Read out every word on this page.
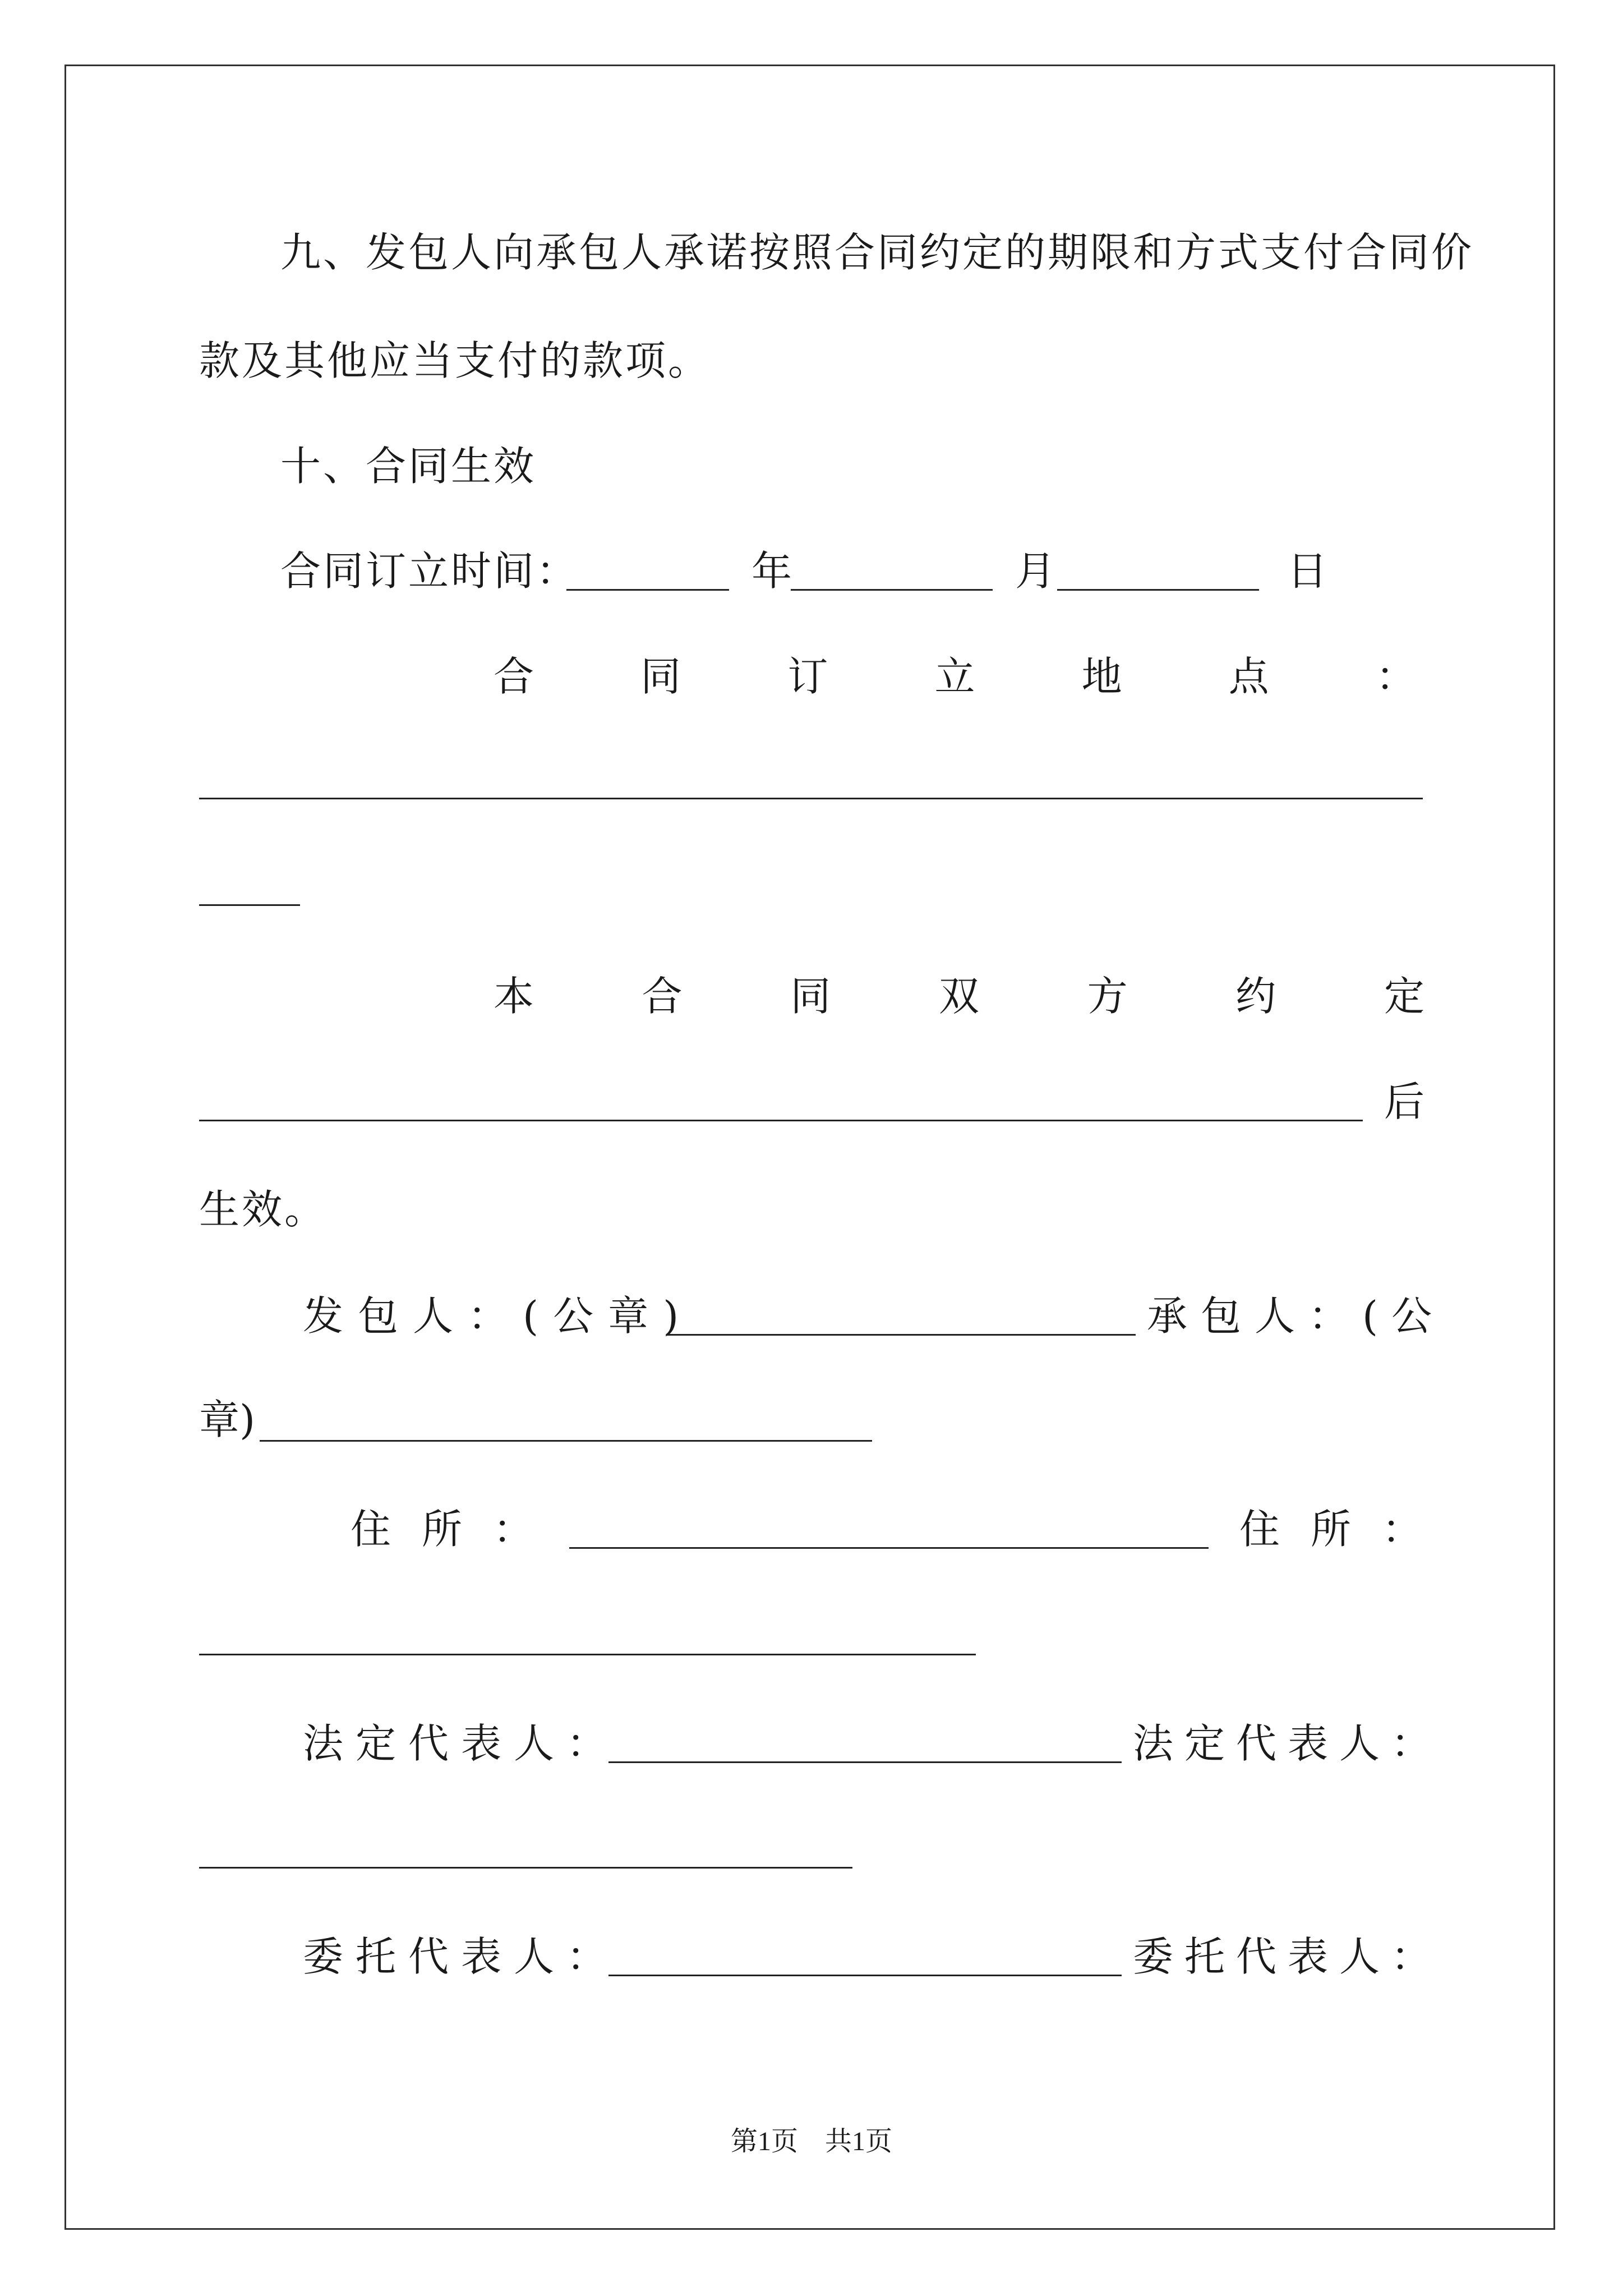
九、发包人向承包人承诺按照合同约定的期限和方式支付合同价
款及其他应当支付的款项。
十、合同生效
合同订立时间：	年	月	日
合	同	订	立	地	点	：
本	合	同	双	方	约	定
后
生效。
发包人：(公章)	承包人：(公
章)
住所：	住所：
法定代表人：	法定代表人：
委托代表人：	委托代表人：
第1页　共1页
